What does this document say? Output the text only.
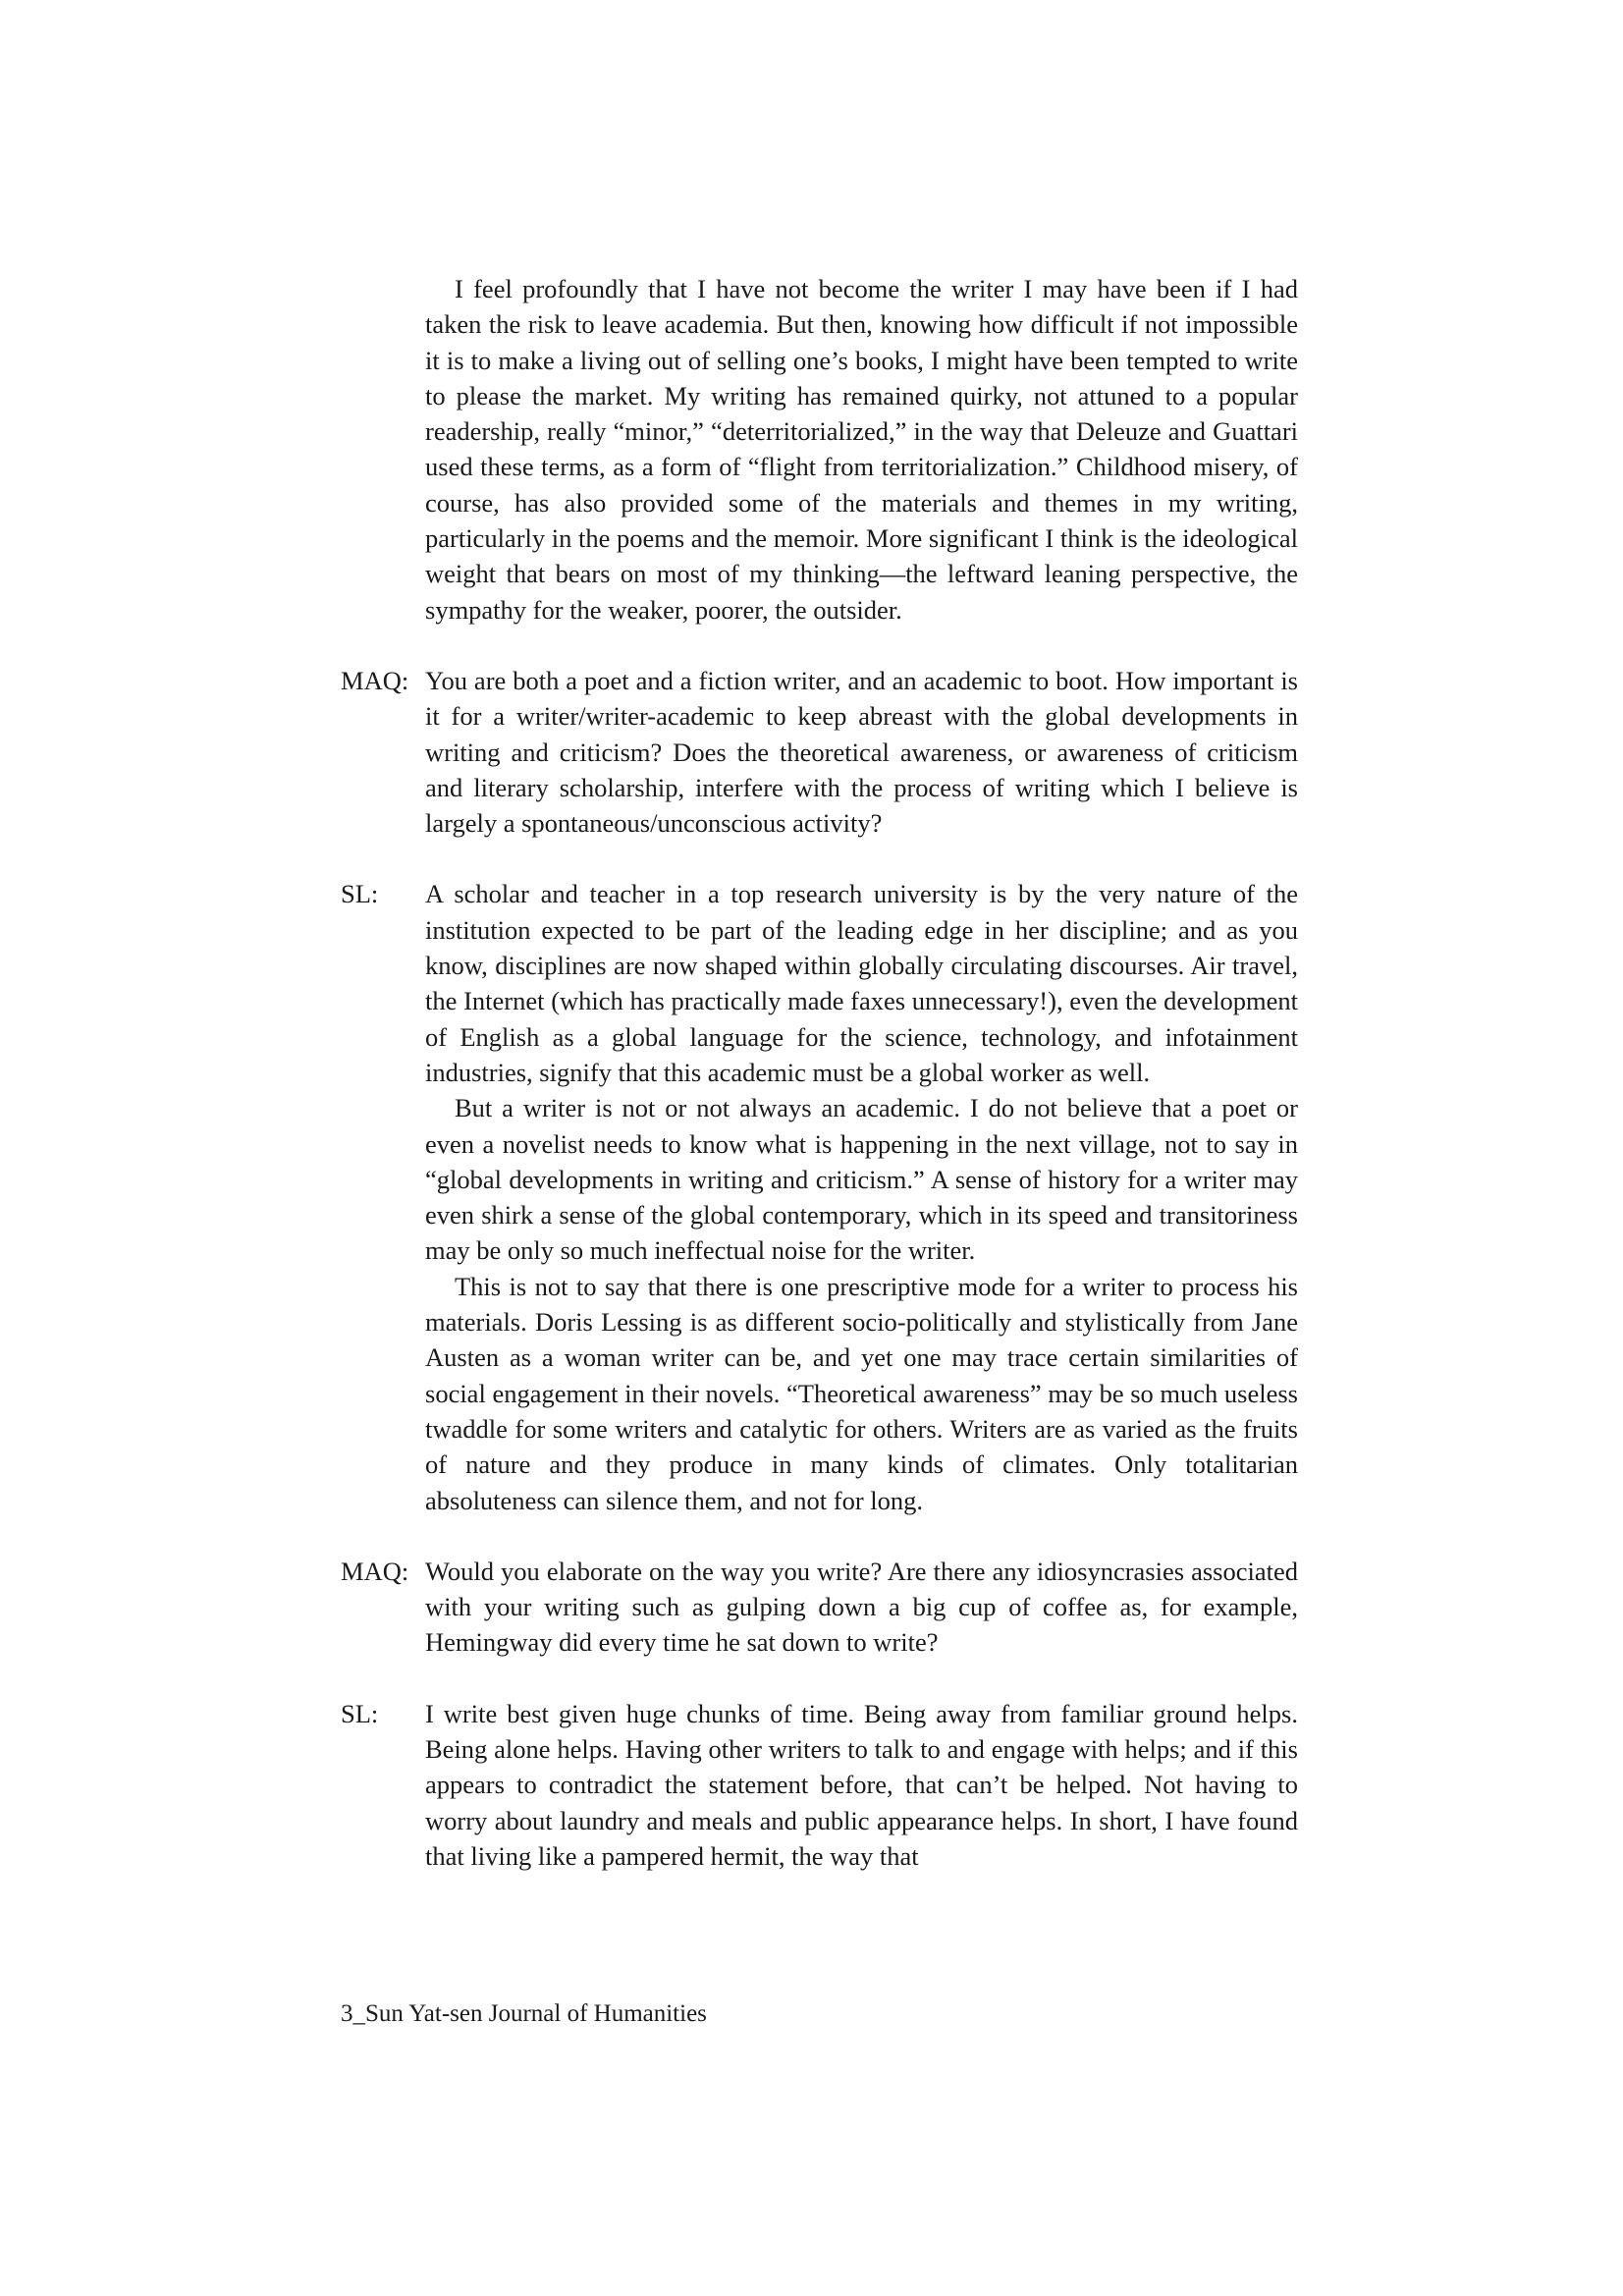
I feel profoundly that I have not become the writer I may have been if I had taken the risk to leave academia. But then, knowing how difficult if not impossible it is to make a living out of selling one’s books, I might have been tempted to write to please the market. My writing has remained quirky, not attuned to a popular readership, really “minor,” “deterritorialized,” in the way that Deleuze and Guattari used these terms, as a form of “flight from territorialization.” Childhood misery, of course, has also provided some of the materials and themes in my writing, particularly in the poems and the memoir. More significant I think is the ideological weight that bears on most of my thinking—the leftward leaning perspective, the sympathy for the weaker, poorer, the outsider.

MAQ: You are both a poet and a fiction writer, and an academic to boot. How important is it for a writer/writer-academic to keep abreast with the global developments in writing and criticism? Does the theoretical awareness, or awareness of criticism and literary scholarship, interfere with the process of writing which I believe is largely a spontaneous/unconscious activity?

SL: A scholar and teacher in a top research university is by the very nature of the institution expected to be part of the leading edge in her discipline; and as you know, disciplines are now shaped within globally circulating discourses. Air travel, the Internet (which has practically made faxes unnecessary!), even the development of English as a global language for the science, technology, and infotainment industries, signify that this academic must be a global worker as well.

But a writer is not or not always an academic. I do not believe that a poet or even a novelist needs to know what is happening in the next village, not to say in “global developments in writing and criticism.” A sense of history for a writer may even shirk a sense of the global contemporary, which in its speed and transitoriness may be only so much ineffectual noise for the writer.

This is not to say that there is one prescriptive mode for a writer to process his materials. Doris Lessing is as different socio-politically and stylistically from Jane Austen as a woman writer can be, and yet one may trace certain similarities of social engagement in their novels. “Theoretical awareness” may be so much useless twaddle for some writers and catalytic for others. Writers are as varied as the fruits of nature and they produce in many kinds of climates. Only totalitarian absoluteness can silence them, and not for long.

MAQ: Would you elaborate on the way you write? Are there any idiosyncrasies associated with your writing such as gulping down a big cup of coffee as, for example, Hemingway did every time he sat down to write?

SL: I write best given huge chunks of time. Being away from familiar ground helps. Being alone helps. Having other writers to talk to and engage with helps; and if this appears to contradict the statement before, that can’t be helped. Not having to worry about laundry and meals and public appearance helps. In short, I have found that living like a pampered hermit, the way that

3_Sun Yat-sen Journal of Humanities
